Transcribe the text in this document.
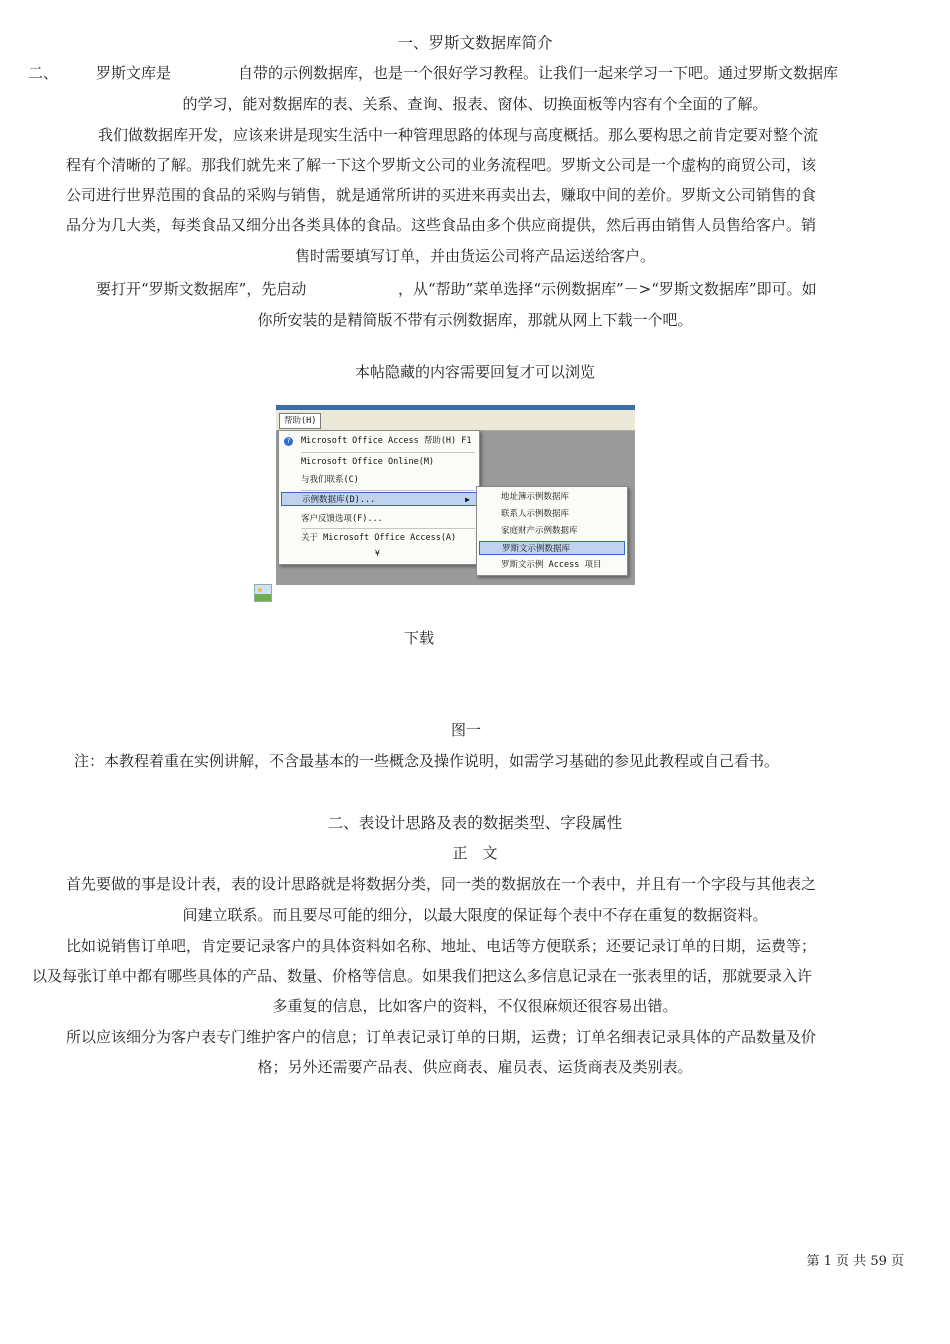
一、罗斯文数据库简介
二、	罗斯文库是	自带的示例数据库，也是一个很好学习教程。让我们一起来学习一下吧。通过罗斯文数据库
的学习，能对数据库的表、关系、查询、报表、窗体、切换面板等内容有个全面的了解。
我们做数据库开发，应该来讲是现实生活中一种管理思路的体现与高度概括。那么要构思之前肯定要对整个流
程有个清晰的了解。那我们就先来了解一下这个罗斯文公司的业务流程吧。罗斯文公司是一个虚构的商贸公司，该
公司进行世界范围的食品的采购与销售，就是通常所讲的买进来再卖出去，赚取中间的差价。罗斯文公司销售的食
品分为几大类，每类食品又细分出各类具体的食品。这些食品由多个供应商提供，然后再由销售人员售给客户。销
售时需要填写订单，并由货运公司将产品运送给客户。
要打开“罗斯文数据库”，先启动	，从“帮助”菜单选择“示例数据库”－>“罗斯文数据库”即可。如
你所安装的是精简版不带有示例数据库，那就从网上下载一个吧。
本帖隐藏的内容需要回复才可以浏览
帮助(H)
? Microsoft Office Access 帮助(H) F1
Microsoft Office Online(M)
与我们联系(C)
示例数据库(D)...	▶
客户反馈选项(F)...
关于 Microsoft Office Access(A)
¥
地址簿示例数据库
联系人示例数据库
家庭财产示例数据库
罗斯文示例数据库
罗斯文示例 Access 项目
下载
图一
注：本教程着重在实例讲解，不含最基本的一些概念及操作说明，如需学习基础的参见此教程或自己看书。
二、表设计思路及表的数据类型、字段属性
正　文
首先要做的事是设计表，表的设计思路就是将数据分类，同一类的数据放在一个表中，并且有一个字段与其他表之
间建立联系。而且要尽可能的细分，以最大限度的保证每个表中不存在重复的数据资料。
比如说销售订单吧，肯定要记录客户的具体资料如名称、地址、电话等方便联系；还要记录订单的日期，运费等；
以及每张订单中都有哪些具体的产品、数量、价格等信息。如果我们把这么多信息记录在一张表里的话，那就要录入许
多重复的信息，比如客户的资料，不仅很麻烦还很容易出错。
所以应该细分为客户表专门维护客户的信息；订单表记录订单的日期，运费；订单名细表记录具体的产品数量及价
格；另外还需要产品表、供应商表、雇员表、运货商表及类别表。
第 1 页 共 59 页
